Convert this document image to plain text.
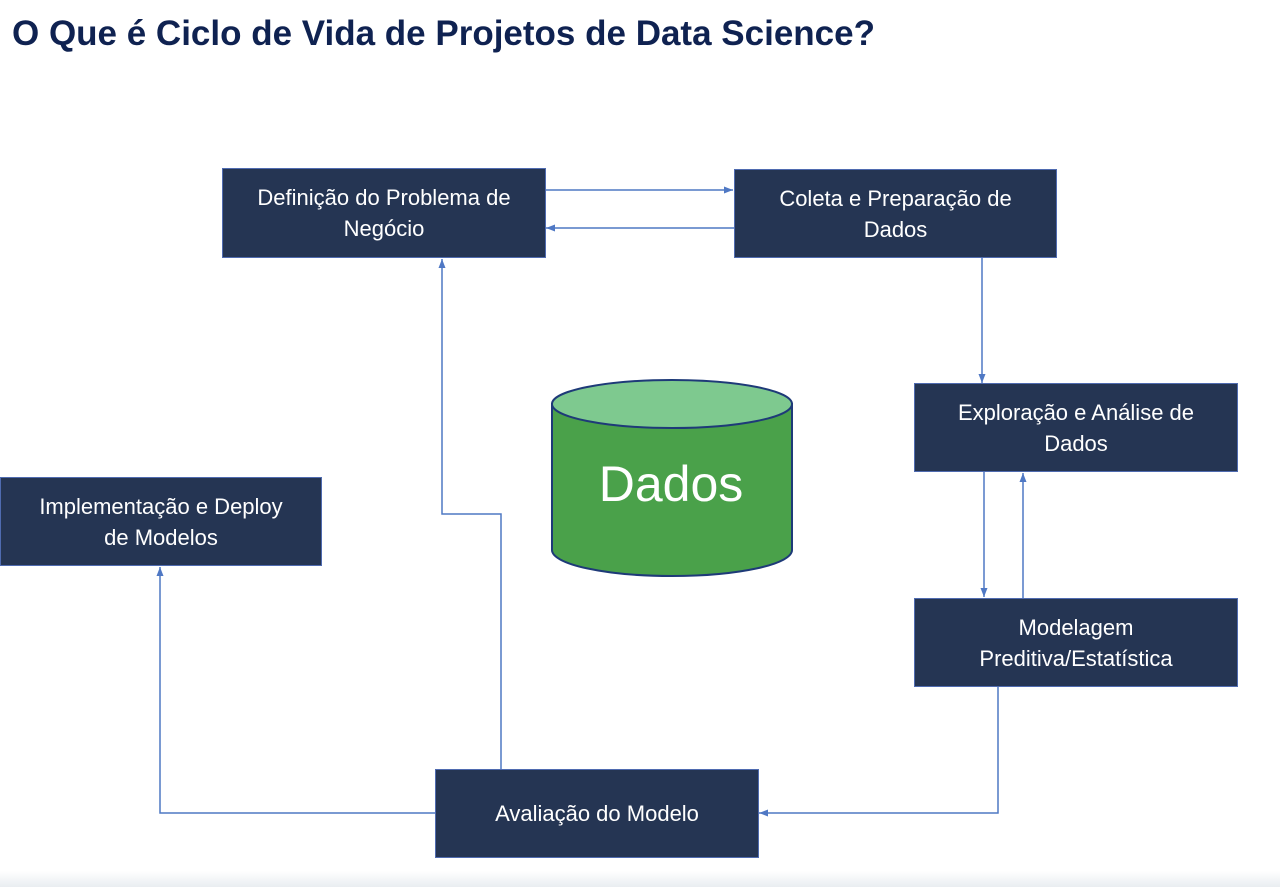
O Que é Ciclo de Vida de Projetos de Data Science?
Dados
Definição do Problema de
Negócio
Coleta e Preparação de
Dados
Exploração e Análise de
Dados
Modelagem
Preditiva/Estatística
Avaliação do Modelo
Implementação e Deploy
de Modelos
